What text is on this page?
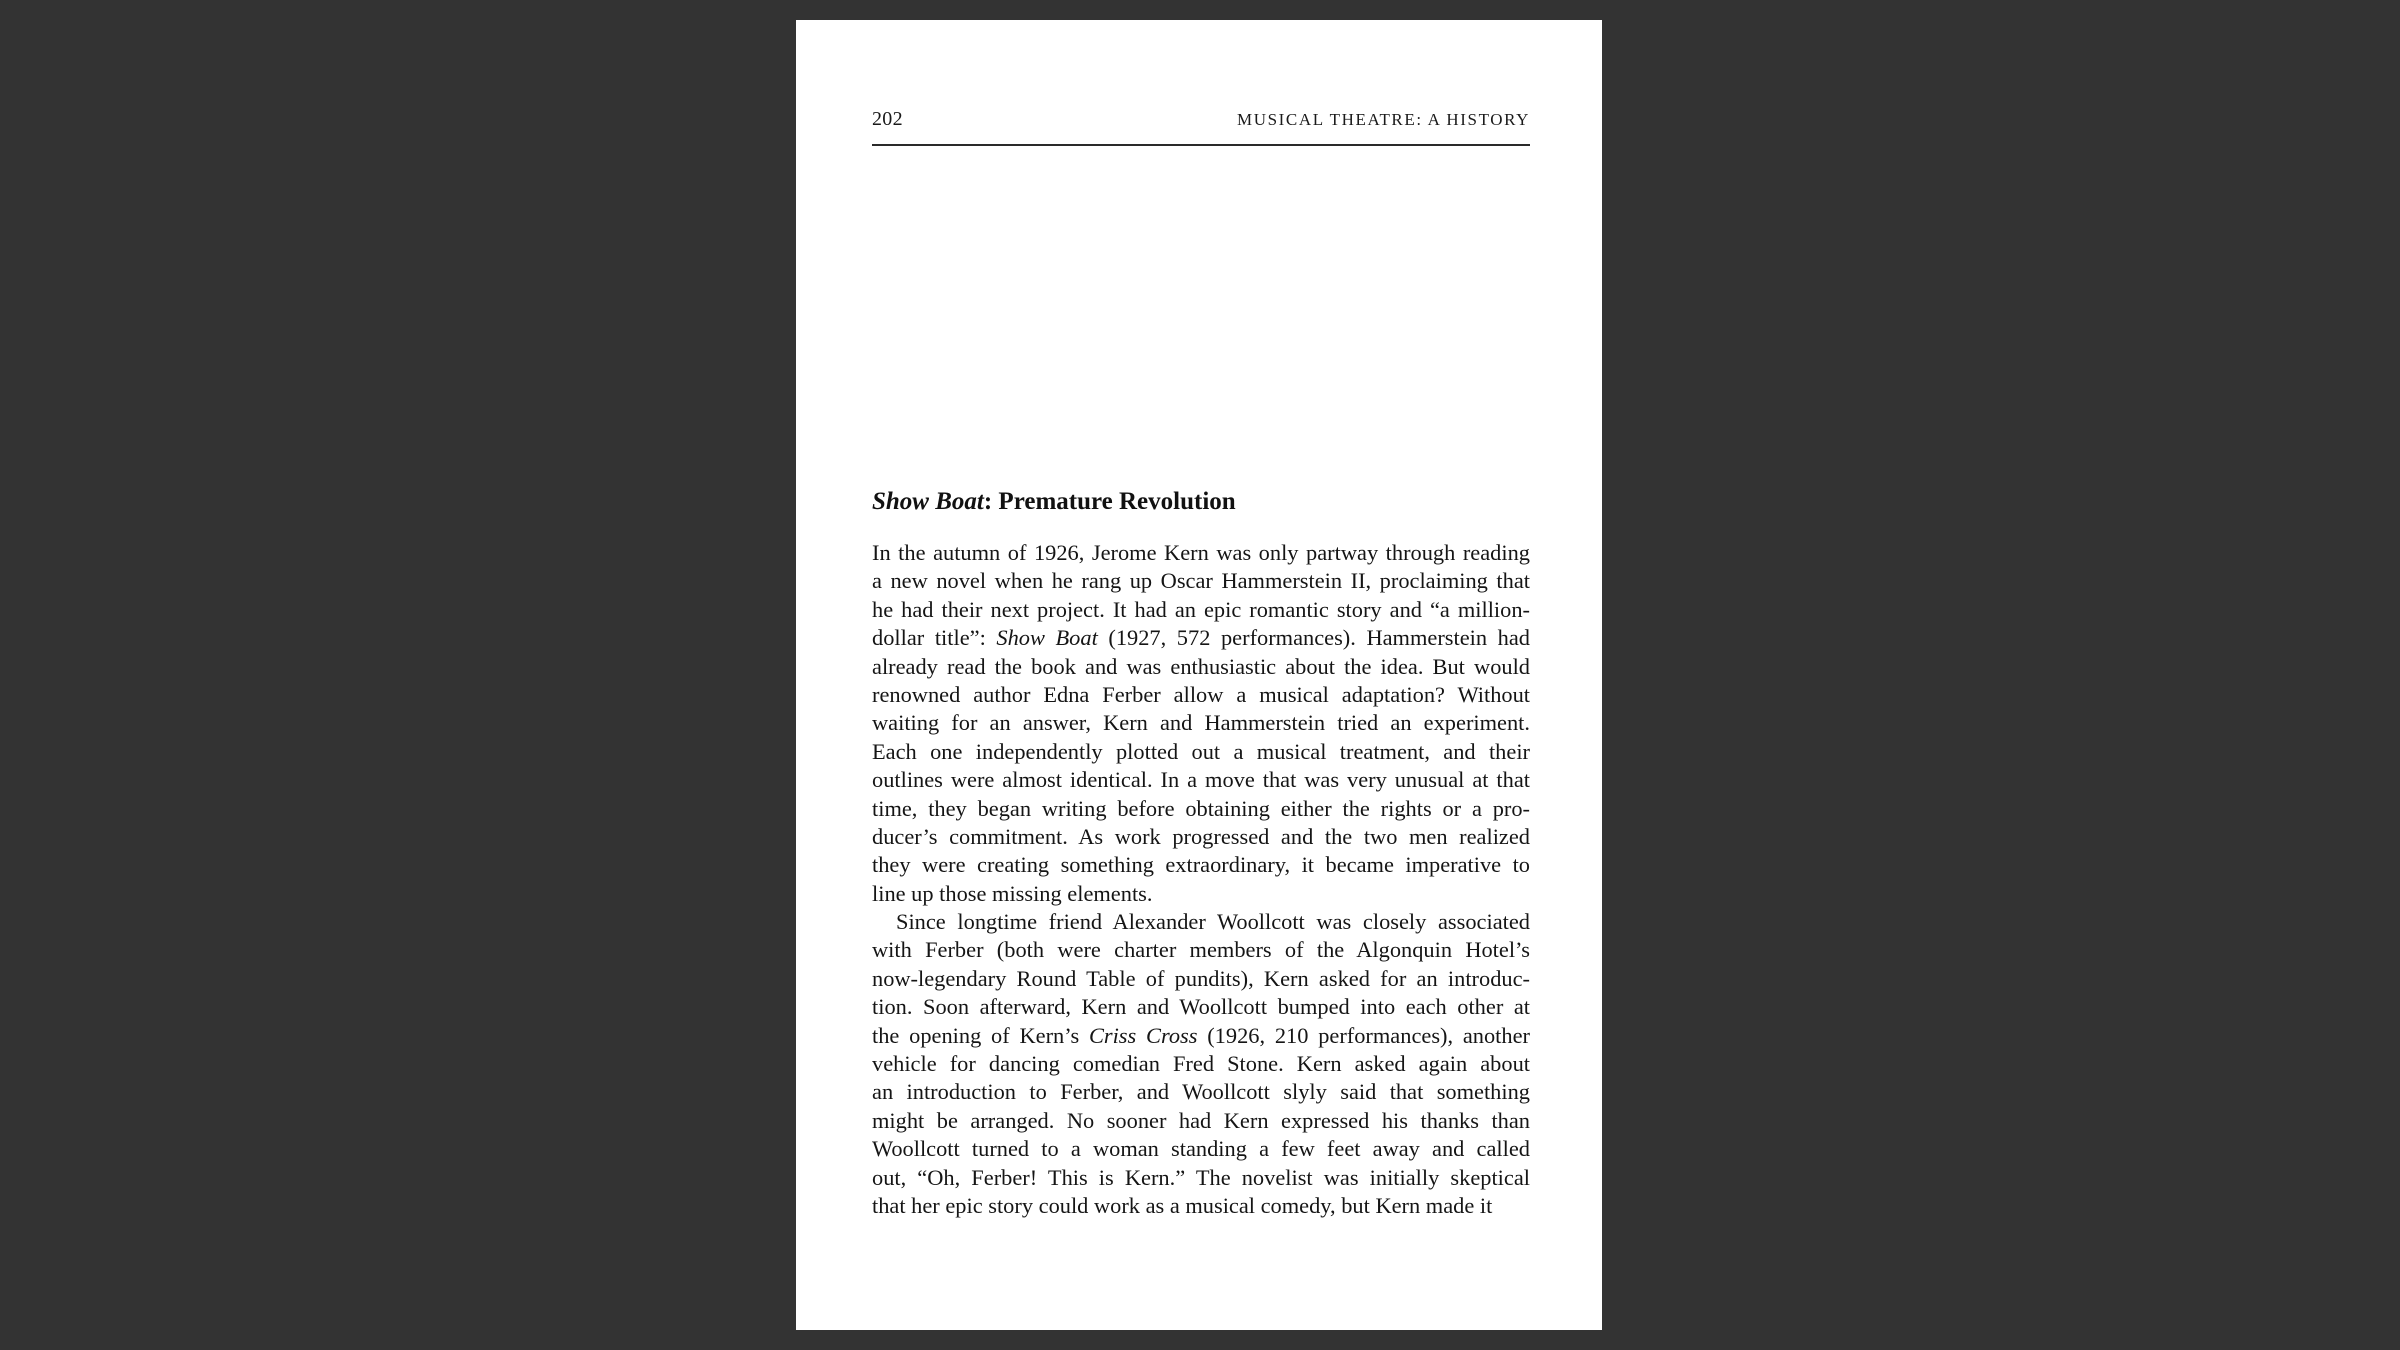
202	MUSICAL THEATRE: A HISTORY
Show Boat: Premature Revolution
In the autumn of 1926, Jerome Kern was only partway through reading
a new novel when he rang up Oscar Hammerstein II, proclaiming that
he had their next project. It had an epic romantic story and “a million-
dollar title”: Show Boat (1927, 572 performances). Hammerstein had
already read the book and was enthusiastic about the idea. But would
renowned author Edna Ferber allow a musical adaptation? Without
waiting for an answer, Kern and Hammerstein tried an experiment.
Each one independently plotted out a musical treatment, and their
outlines were almost identical. In a move that was very unusual at that
time, they began writing before obtaining either the rights or a pro-
ducer’s commitment. As work progressed and the two men realized
they were creating something extraordinary, it became imperative to
line up those missing elements.
Since longtime friend Alexander Woollcott was closely associated
with Ferber (both were charter members of the Algonquin Hotel’s
now-legendary Round Table of pundits), Kern asked for an introduc-
tion. Soon afterward, Kern and Woollcott bumped into each other at
the opening of Kern’s Criss Cross (1926, 210 performances), another
vehicle for dancing comedian Fred Stone. Kern asked again about
an introduction to Ferber, and Woollcott slyly said that something
might be arranged. No sooner had Kern expressed his thanks than
Woollcott turned to a woman standing a few feet away and called
out, “Oh, Ferber! This is Kern.” The novelist was initially skeptical
that her epic story could work as a musical comedy, but Kern made it
